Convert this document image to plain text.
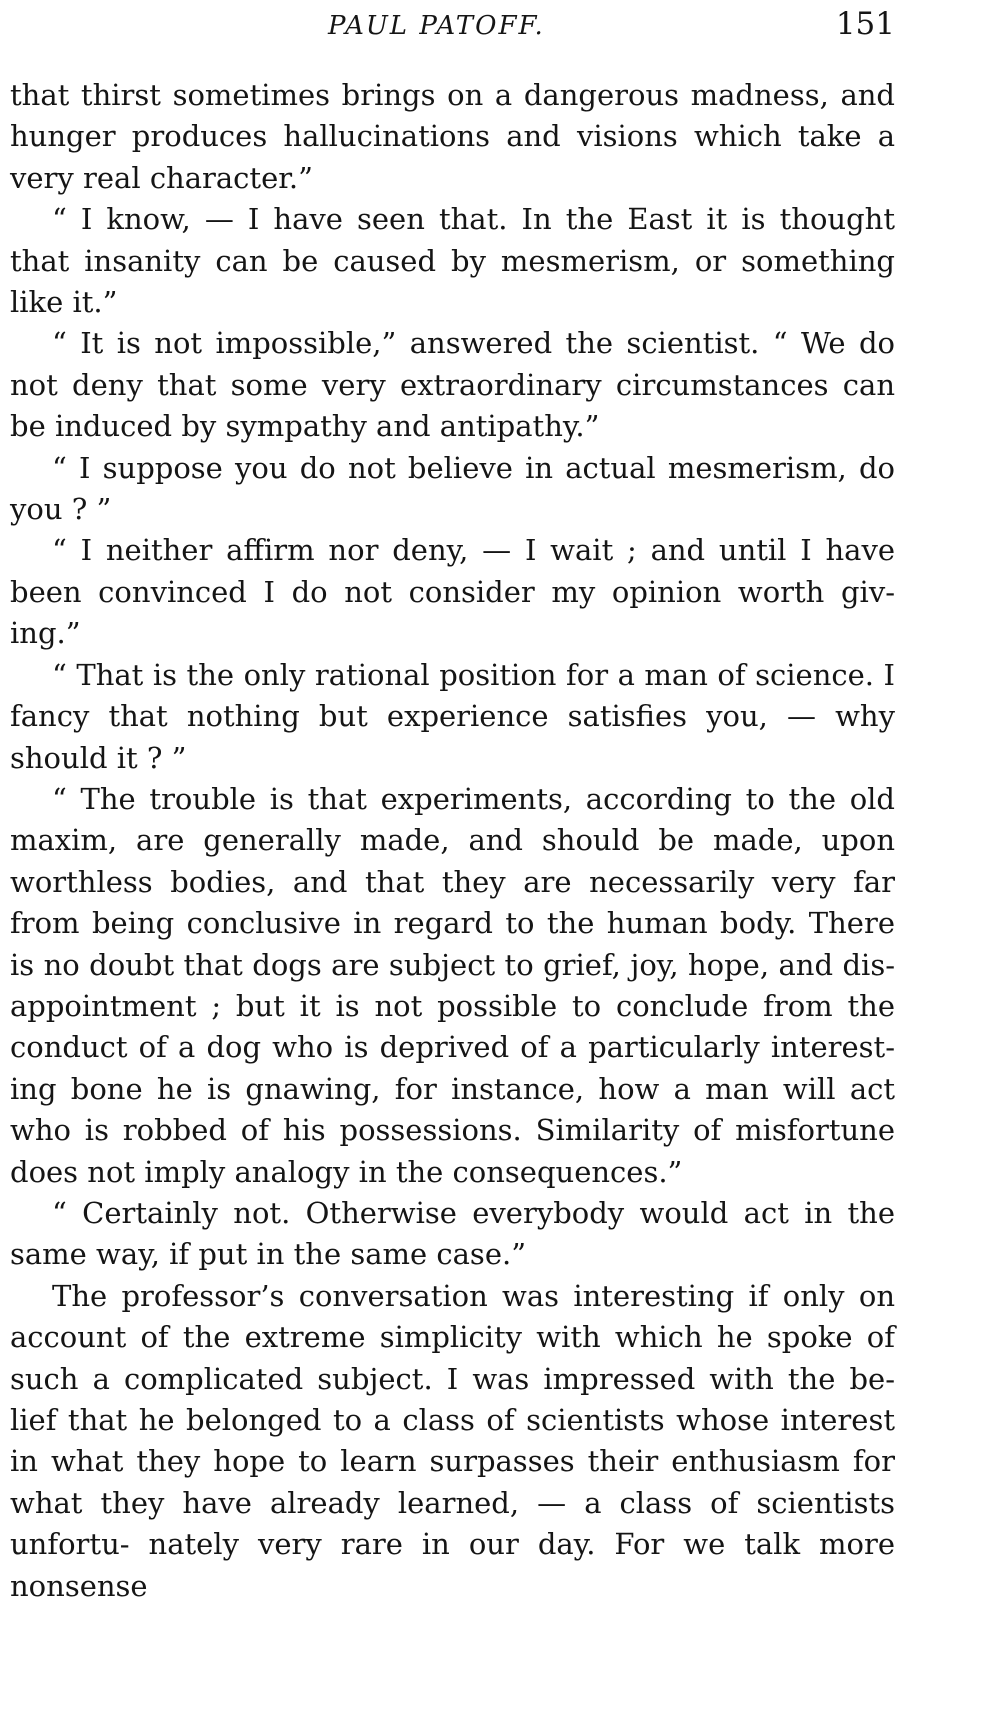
PAUL PATOFF.	151

that thirst sometimes brings on a dangerous madness, and hunger produces hallucinations and visions which take a very real character.”

“ I know, — I have seen that. In the East it is thought that insanity can be caused by mesmerism, or something like it.”

“ It is not impossible,” answered the scientist. “ We do not deny that some very extraordinary circumstances can be induced by sympathy and antipathy.”

“ I suppose you do not believe in actual mesmerism, do you ? ”

“ I neither affirm nor deny, — I wait ; and until I have been convinced I do not consider my opinion worth giv- ing.”

“ That is the only rational position for a man of science. I fancy that nothing but experience satisfies you, — why should it ? ”

“ The trouble is that experiments, according to the old maxim, are generally made, and should be made, upon worthless bodies, and that they are necessarily very far from being conclusive in regard to the human body. There is no doubt that dogs are subject to grief, joy, hope, and dis- appointment ; but it is not possible to conclude from the conduct of a dog who is deprived of a particularly interest- ing bone he is gnawing, for instance, how a man will act who is robbed of his possessions. Similarity of misfortune does not imply analogy in the consequences.”

“ Certainly not. Otherwise everybody would act in the same way, if put in the same case.”

The professor’s conversation was interesting if only on account of the extreme simplicity with which he spoke of such a complicated subject. I was impressed with the be- lief that he belonged to a class of scientists whose interest in what they hope to learn surpasses their enthusiasm for what they have already learned, — a class of scientists unfortu- nately very rare in our day. For we talk more nonsense
